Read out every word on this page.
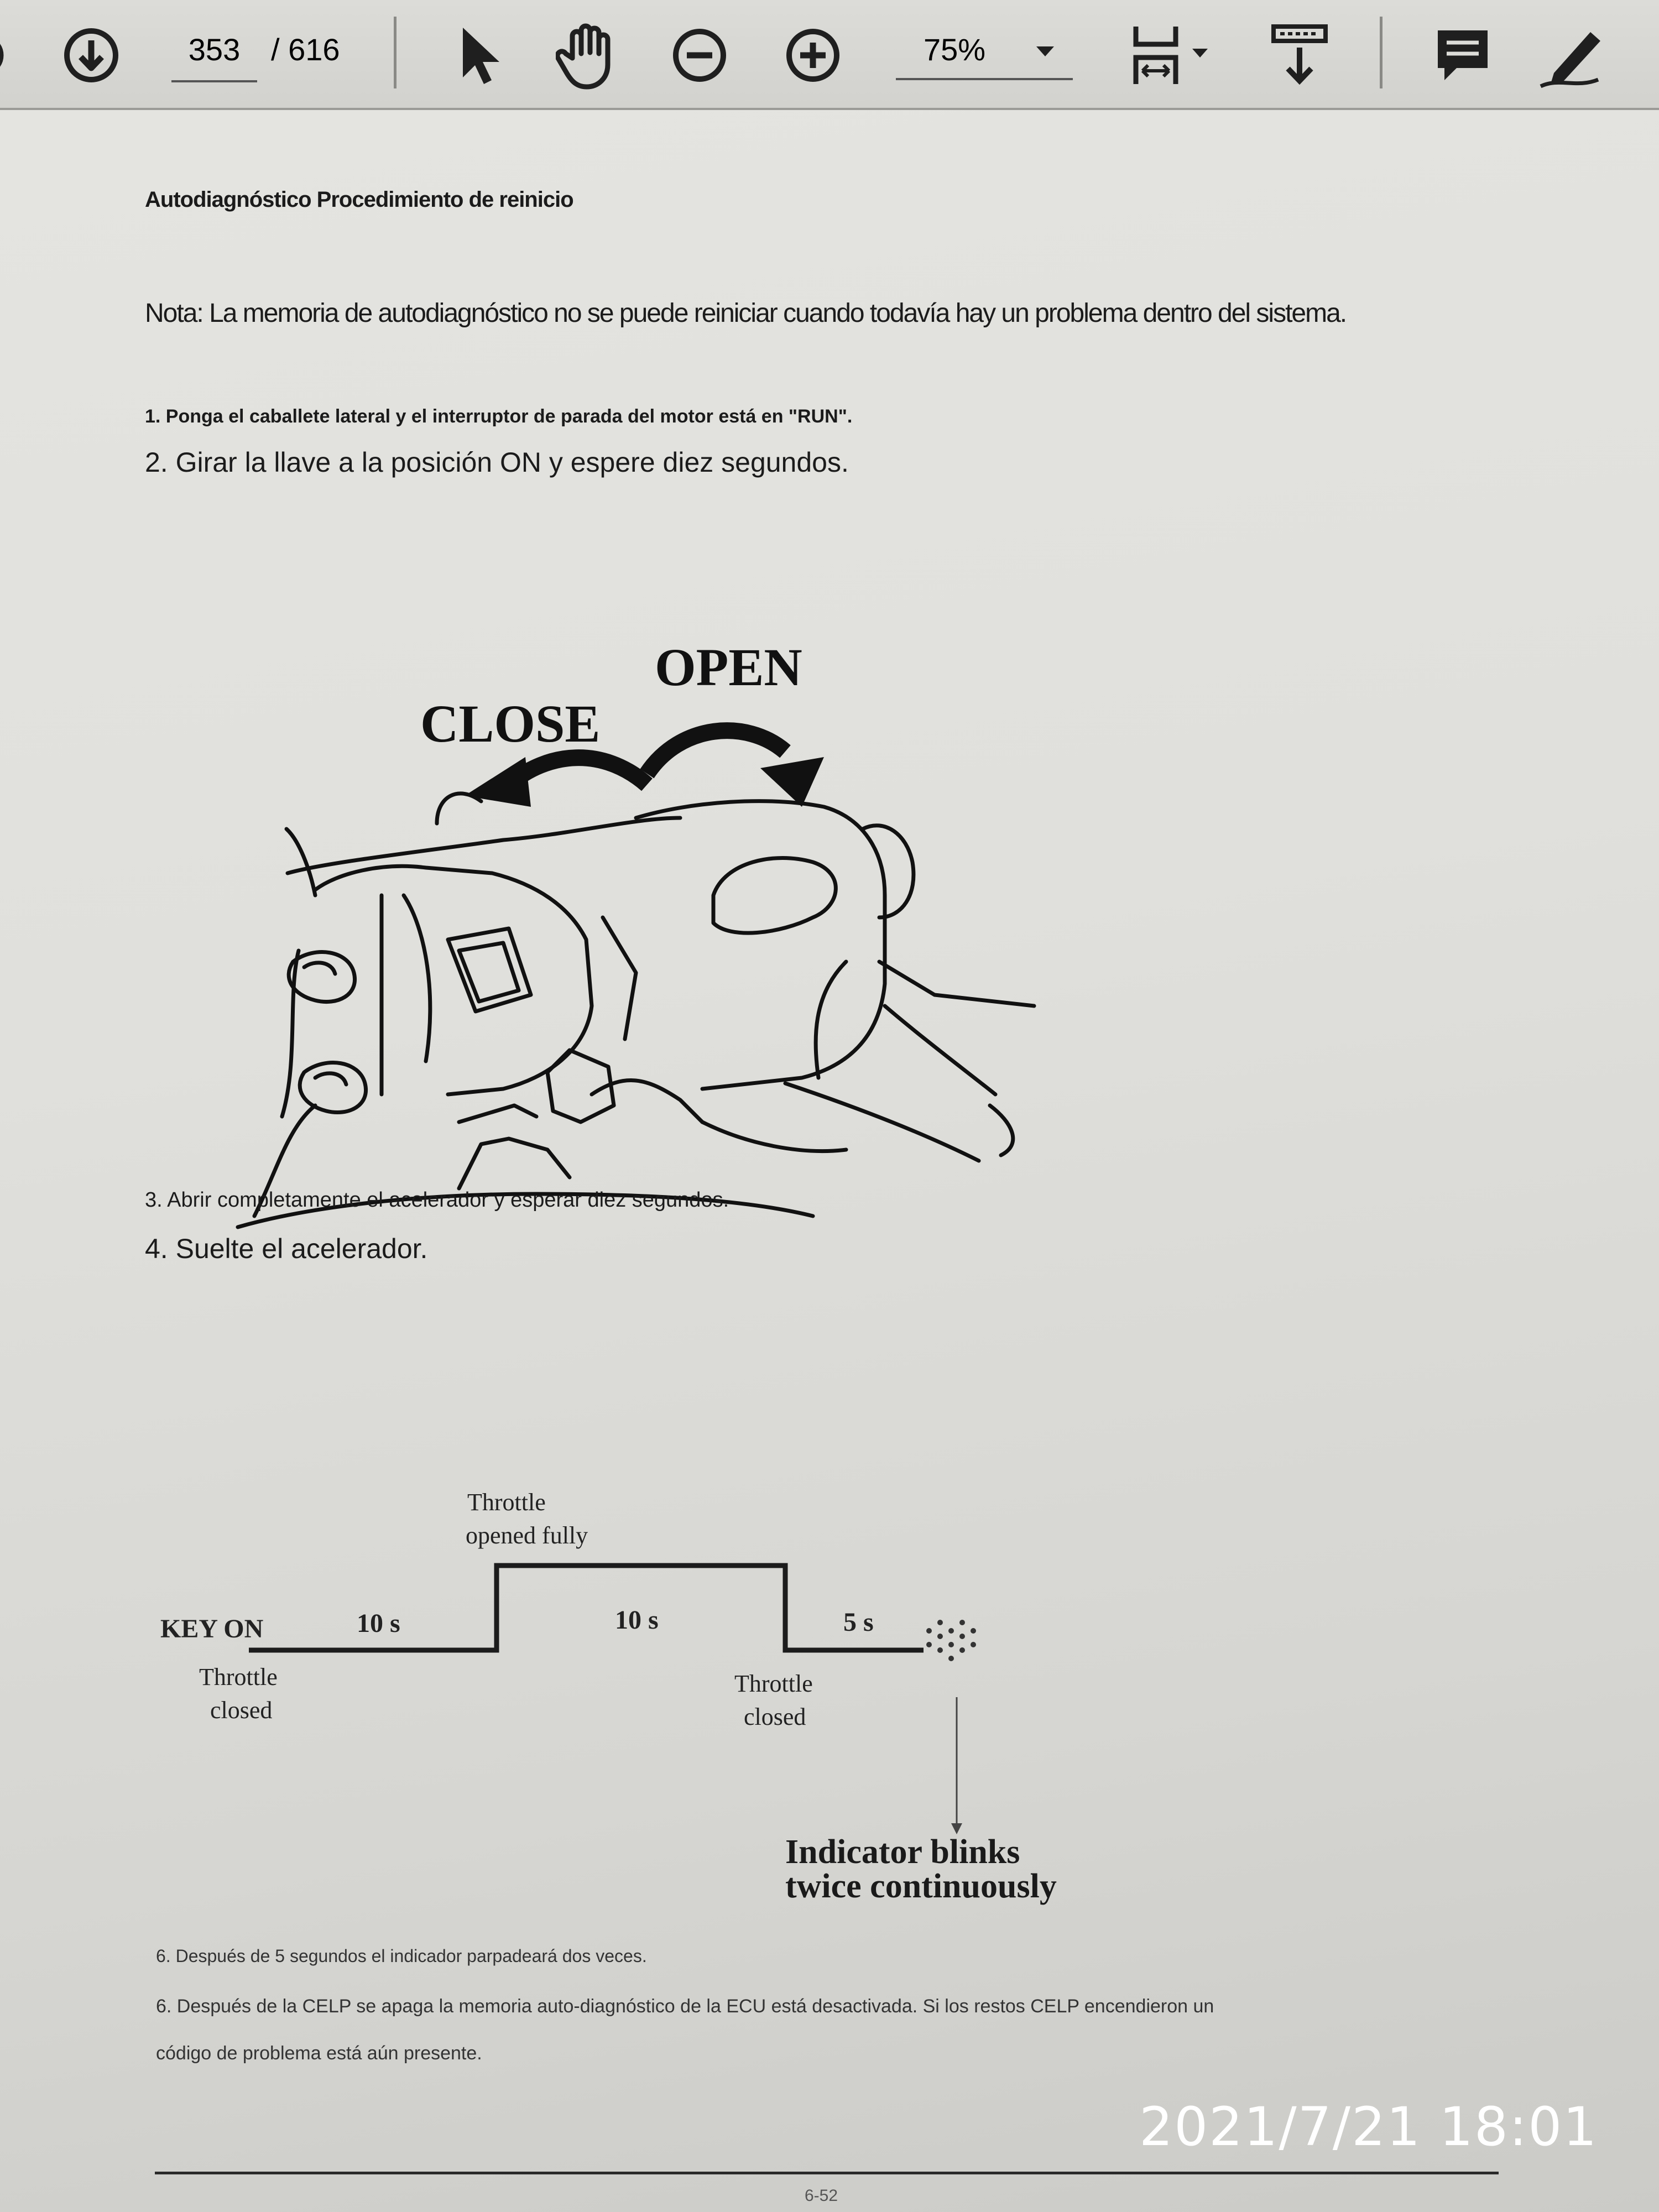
353 / 616	75%
Autodiagnóstico Procedimiento de reinicio
Nota: La memoria de autodiagnóstico no se puede reiniciar cuando todavía hay un problema dentro del sistema.
1. Ponga el caballete lateral y el interruptor de parada del motor está en "RUN".
2. Girar la llave a la posición ON y espere diez segundos.
OPEN
CLOSE
3. Abrir completamente el acelerador y esperar diez segundos.
4. Suelte el acelerador.
Throttle
opened fully
KEY ON	10 s	10 s	5 s
Throttle
closed
Throttle
closed
Indicator blinks
twice continuously
6. Después de 5 segundos el indicador parpadeará dos veces.
6. Después de la CELP se apaga la memoria auto-diagnóstico de la ECU está desactivada. Si los restos CELP encendieron un
código de problema está aún presente.
6-52
2021/7/21 18:01
